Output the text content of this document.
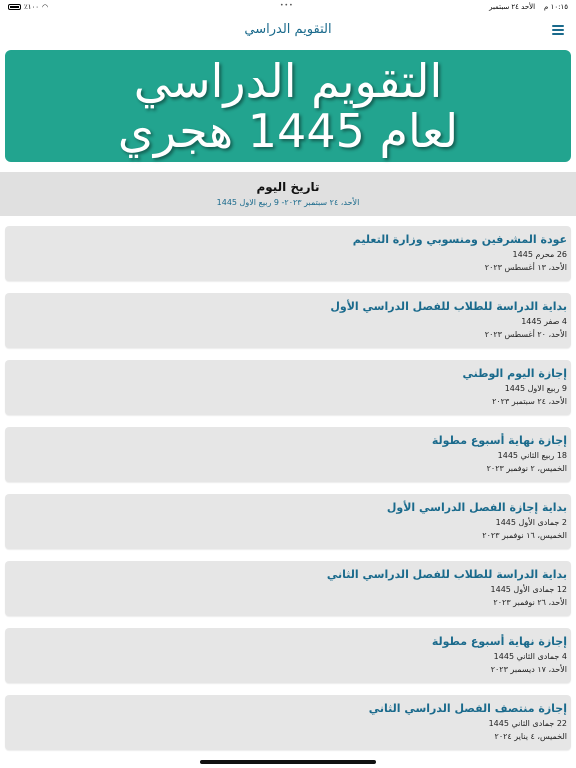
٪١٠٠ ◠	•••	١٠:١٥ م    الأحد ٢٤ سبتمبر
التقويم الدراسي
التقويم الدراسي
لعام 1445 هجري
تاريخ اليوم
الأحد، ٢٤ سبتمبر ٢٠٢٣- 9 ربيع الاول 1445
عودة المشرفين ومنسوبي وزارة التعليم
26 محرم 1445
الأحد، ١٣ أغسطس ٢٠٢٣
بداية الدراسة للطلاب للفصل الدراسي الأول
4 صفر 1445
الأحد، ٢٠ أغسطس ٢٠٢٣
إجازة اليوم الوطني
9 ربيع الاول 1445
الأحد، ٢٤ سبتمبر ٢٠٢٣
إجازة نهاية أسبوع مطولة
18 ربيع الثاني 1445
الخميس، ٢ نوفمبر ٢٠٢٣
بداية إجازة الفصل الدراسي الأول
2 جمادى الأول 1445
الخميس، ١٦ نوفمبر ٢٠٢٣
بداية الدراسة للطلاب للفصل الدراسي الثاني
12 جمادى الأول 1445
الأحد، ٢٦ نوفمبر ٢٠٢٣
إجازة نهاية أسبوع مطولة
4 جمادى الثاني 1445
الأحد، ١٧ ديسمبر ٢٠٢٣
إجازة منتصف الفصل الدراسي الثاني
22 جمادى الثاني 1445
الخميس، ٤ يناير ٢٠٢٤
